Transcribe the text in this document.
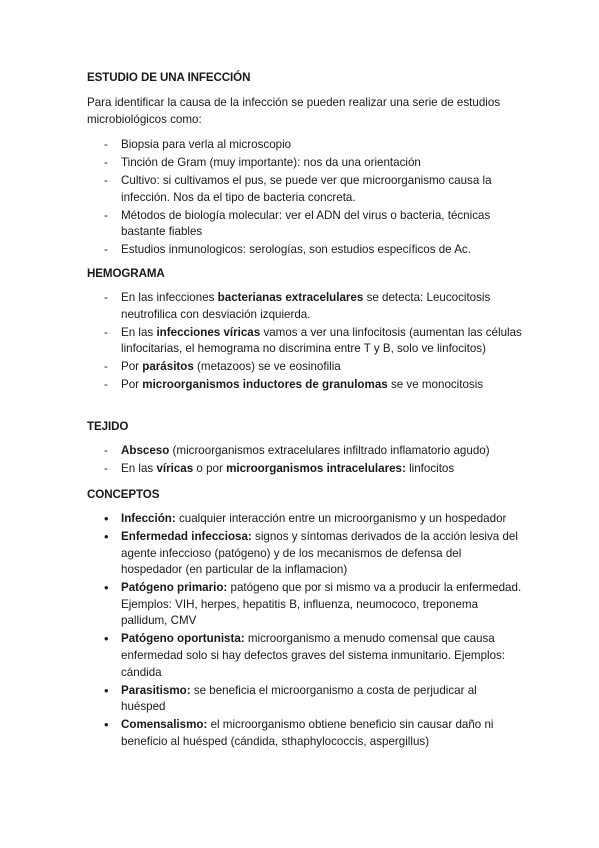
ESTUDIO DE UNA INFECCIÓN
Para identificar la causa de la infección se pueden realizar una serie de estudios microbiológicos como:
- Biopsia para verla al microscopio
- Tinción de Gram (muy importante): nos da una orientación
- Cultivo: si cultivamos el pus, se puede ver que microorganismo causa la infección. Nos da el tipo de bacteria concreta.
- Métodos de biología molecular: ver el ADN del virus o bacteria, técnicas bastante fiables
- Estudios inmunologicos: serologías, son estudios específicos de Ac.
HEMOGRAMA
- En las infecciones bacterianas extracelulares se detecta: Leucocitosis neutrofilica con desviación izquierda.
- En las infecciones víricas vamos a ver una linfocitosis (aumentan las células linfocitarias, el hemograma no discrimina entre T y B, solo ve linfocitos)
- Por parásitos (metazoos) se ve eosinofilia
- Por microorganismos inductores de granulomas se ve monocitosis
TEJIDO
- Absceso (microorganismos extracelulares infiltrado inflamatorio agudo)
- En las víricas o por microorganismos intracelulares: linfocitos
CONCEPTOS
• Infección: cualquier interacción entre un microorganismo y un hospedador
• Enfermedad infecciosa: signos y síntomas derivados de la acción lesiva del agente infeccioso (patógeno) y de los mecanismos de defensa del hospedador (en particular de la inflamacion)
• Patógeno primario: patógeno que por si mismo va a producir la enfermedad. Ejemplos: VIH, herpes, hepatitis B, influenza, neumococo, treponema pallidum, CMV
• Patógeno oportunista: microorganismo a menudo comensal que causa enfermedad solo si hay defectos graves del sistema inmunitario. Ejemplos: cándida
• Parasitismo: se beneficia el microorganismo a costa de perjudicar al huésped
• Comensalismo: el microorganismo obtiene beneficio sin causar daño ni beneficio al huésped (cándida, sthaphylococcis, aspergillus)
